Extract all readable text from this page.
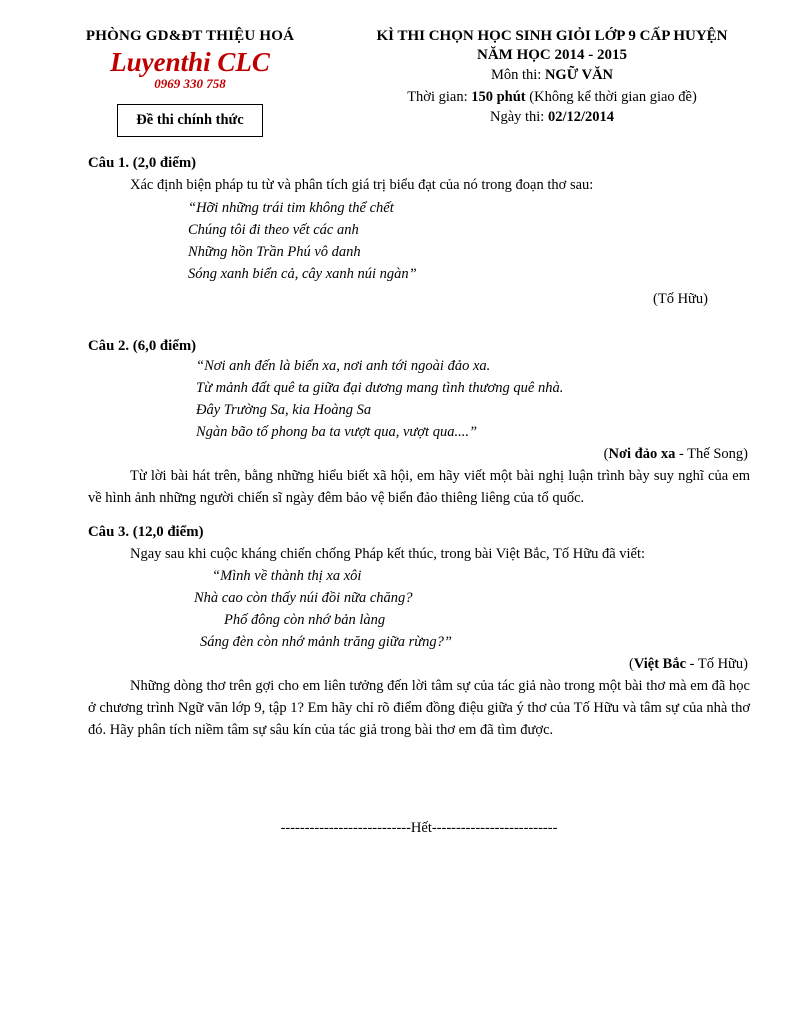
PHÒNG GD&ĐT THIỆU HOÁ
Luyenthi CLC
0969 330 758
Đề thi chính thức
KÌ THI CHỌN HỌC SINH GIỎI LỚP 9 CẤP HUYỆN
NĂM HỌC 2014 - 2015
Môn thi: NGỮ VĂN
Thời gian: 150 phút (Không kể thời gian giao đề)
Ngày thi: 02/12/2014
Câu 1. (2,0 điểm)
Xác định biện pháp tu từ và phân tích giá trị biểu đạt của nó trong đoạn thơ sau:
“Hỡi những trái tim không thể chết
Chúng tôi đi theo vết các anh
Những hồn Trần Phú vô danh
Sóng xanh biển cả, cây xanh núi ngàn”
(Tố Hữu)
Câu 2. (6,0 điểm)
“Nơi anh đến là biển xa, nơi anh tới ngoài đảo xa.
Từ mảnh đất quê ta giữa đại dương mang tình thương quê nhà.
Đây Trường Sa, kia Hoàng Sa
Ngàn bão tố phong ba ta vượt qua, vượt qua....”
(Nơi đảo xa - Thế Song)
Từ lời bài hát trên, bằng những hiểu biết xã hội, em hãy viết một bài nghị luận trình bày suy nghĩ của em về hình ảnh những người chiến sĩ ngày đêm bảo vệ biển đảo thiêng liêng của tổ quốc.
Câu 3. (12,0 điểm)
Ngay sau khi cuộc kháng chiến chống Pháp kết thúc, trong bài Việt Bắc, Tố Hữu đã viết:
“Mình về thành thị xa xôi
Nhà cao còn thấy núi đồi nữa chăng?
Phố đông còn nhớ bản làng
Sáng đèn còn nhớ mảnh trăng giữa rừng?”
(Việt Bắc - Tố Hữu)
Những dòng thơ trên gợi cho em liên tưởng đến lời tâm sự của tác giả nào trong một bài thơ mà em đã học ở chương trình Ngữ văn lớp 9, tập 1? Em hãy chỉ rõ điểm đồng điệu giữa ý thơ của Tố Hữu và tâm sự của nhà thơ đó. Hãy phân tích niềm tâm sự sâu kín của tác giả trong bài thơ em đã tìm được.
---------------------------Hết--------------------------
